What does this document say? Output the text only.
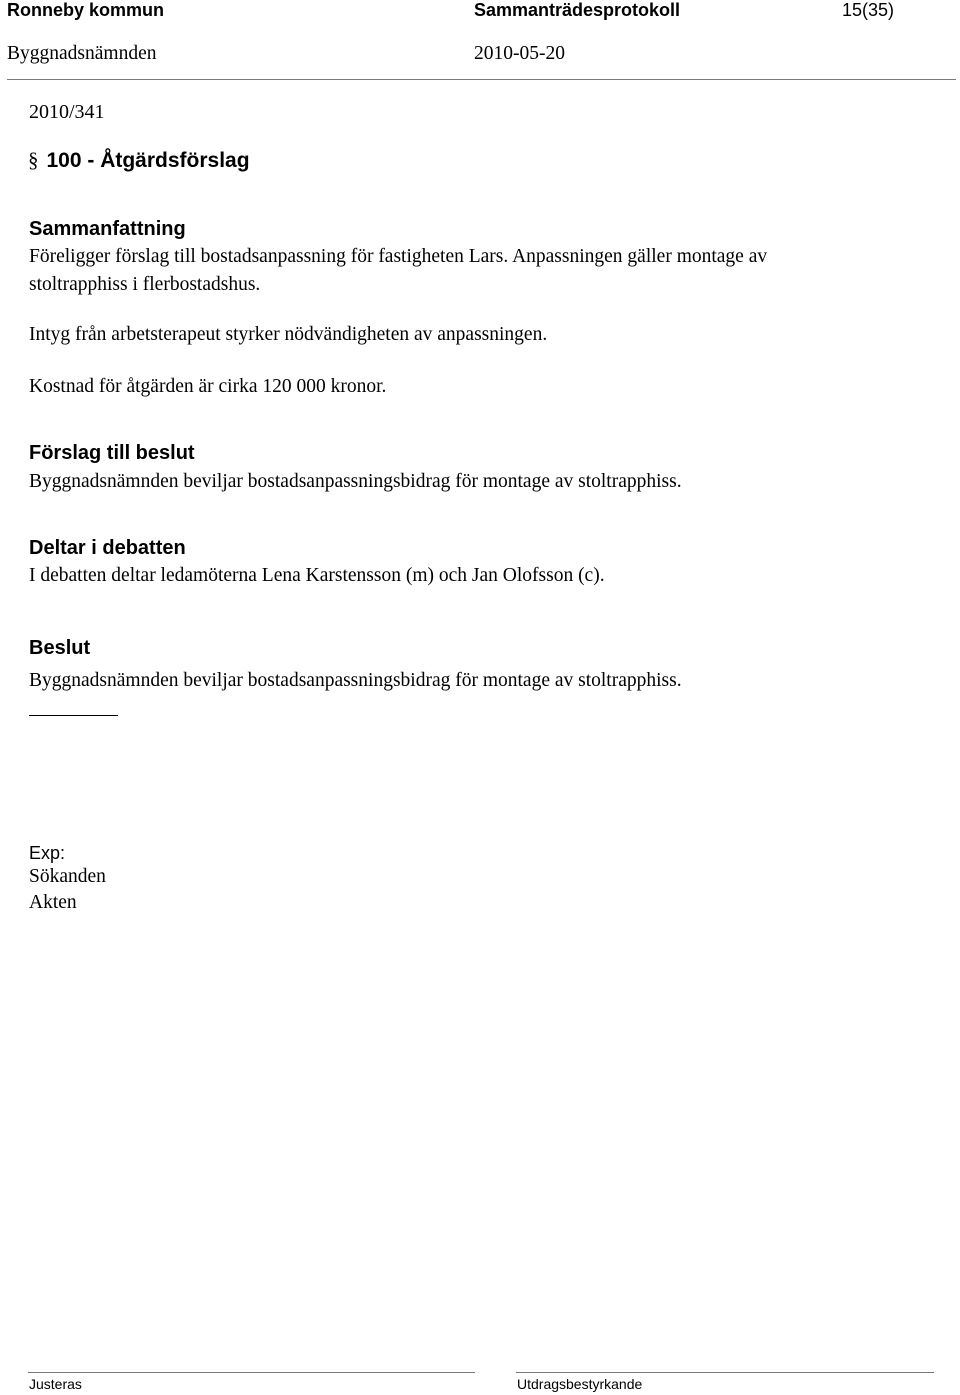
Ronneby kommun	Sammanträdesprotokoll	15(35)
Byggnadsnämnden	2010-05-20
2010/341
§ 100 - Åtgärdsförslag
Sammanfattning
Föreligger förslag till bostadsanpassning för fastigheten Lars. Anpassningen gäller montage av
stoltrapphiss i flerbostadshus.
Intyg från arbetsterapeut styrker nödvändigheten av anpassningen.
Kostnad för åtgärden är cirka 120 000 kronor.
Förslag till beslut
Byggnadsnämnden beviljar bostadsanpassningsbidrag för montage av stoltrapphiss.
Deltar i debatten
I debatten deltar ledamöterna Lena Karstensson (m) och Jan Olofsson (c).
Beslut
Byggnadsnämnden beviljar bostadsanpassningsbidrag för montage av stoltrapphiss.
Exp:
Sökanden
Akten
Justeras	Utdragsbestyrkande
